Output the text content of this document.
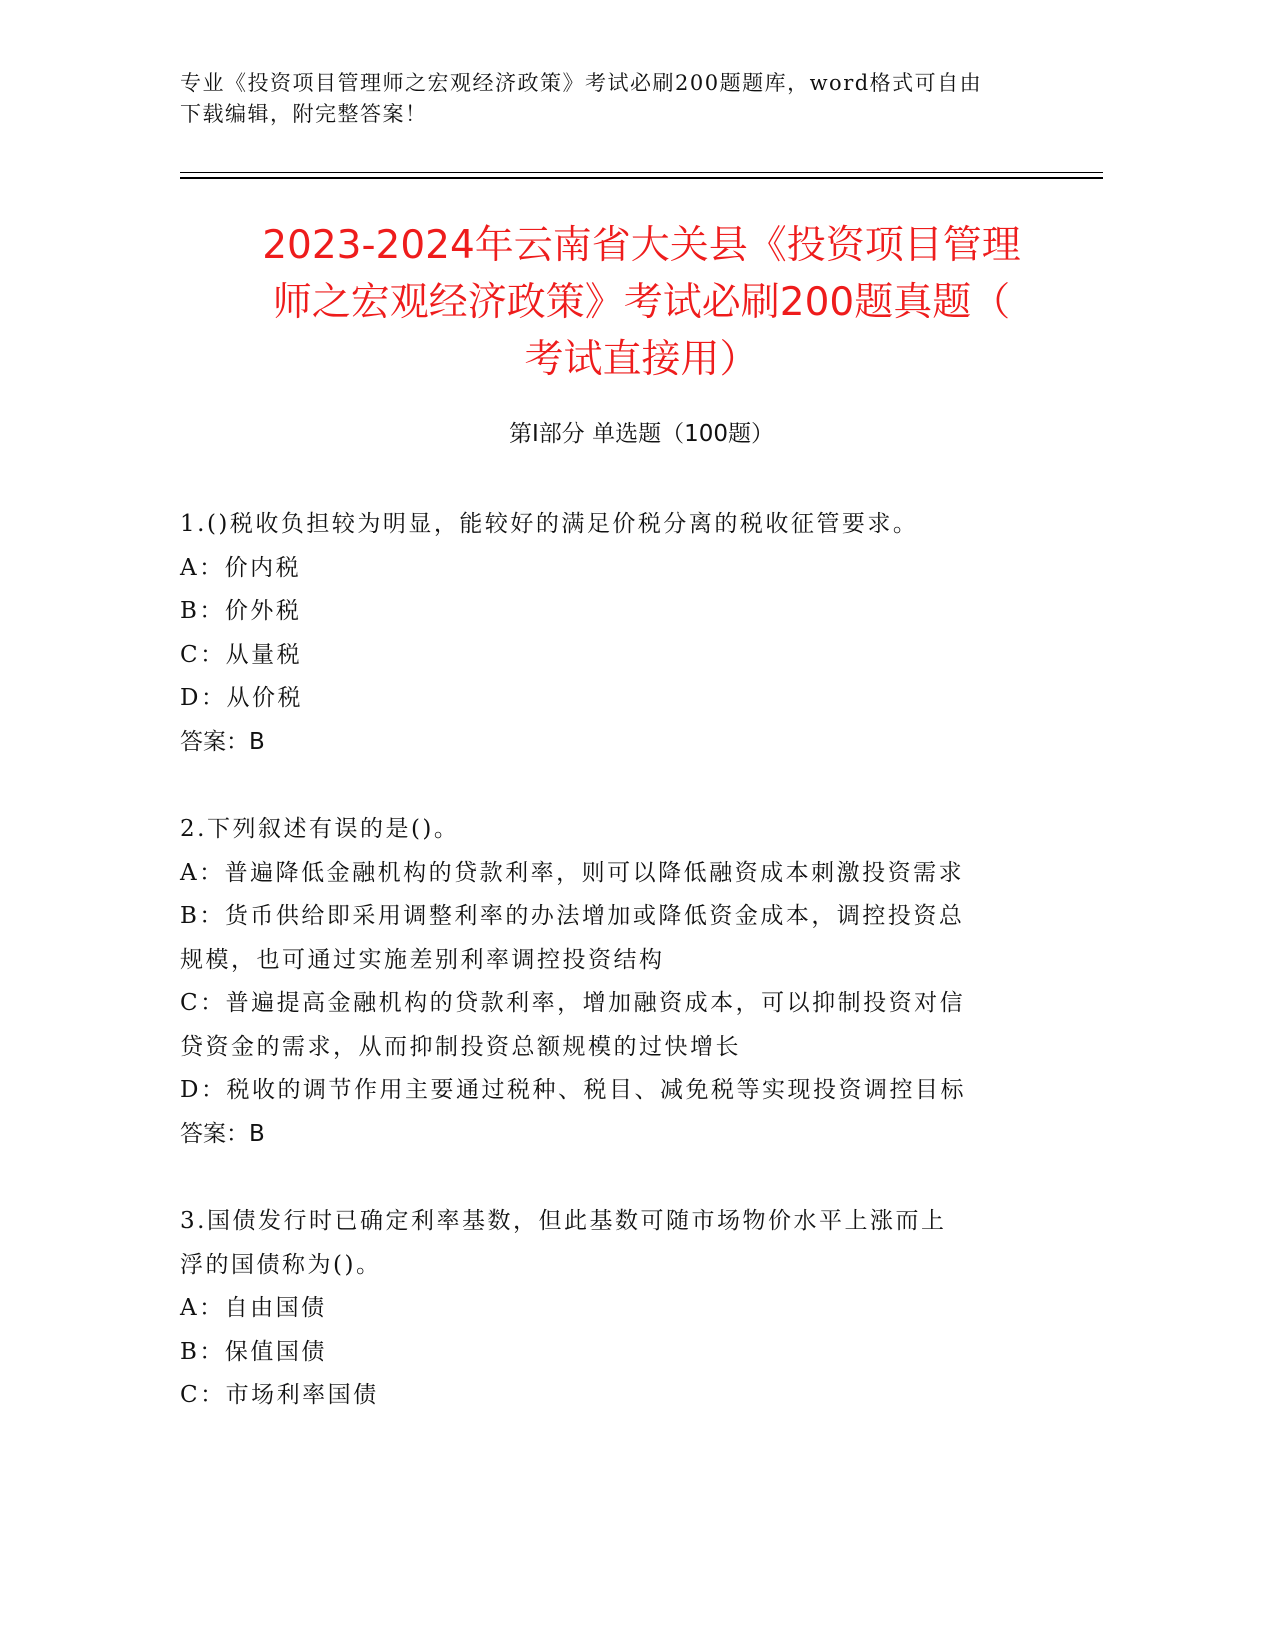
专业《投资项目管理师之宏观经济政策》考试必刷200题题库，word格式可自由
下载编辑，附完整答案！
2023-2024年云南省大关县《投资项目管理
师之宏观经济政策》考试必刷200题真题（
考试直接用）
第I部分 单选题（100题）
1.()税收负担较为明显，能较好的满足价税分离的税收征管要求。
A：价内税
B：价外税
C：从量税
D：从价税
答案：B
2.下列叙述有误的是()。
A：普遍降低金融机构的贷款利率，则可以降低融资成本刺激投资需求
B：货币供给即采用调整利率的办法增加或降低资金成本，调控投资总
规模，也可通过实施差别利率调控投资结构
C：普遍提高金融机构的贷款利率，增加融资成本，可以抑制投资对信
贷资金的需求，从而抑制投资总额规模的过快增长
D：税收的调节作用主要通过税种、税目、减免税等实现投资调控目标
答案：B
3.国债发行时已确定利率基数，但此基数可随市场物价水平上涨而上
浮的国债称为()。
A：自由国债
B：保值国债
C：市场利率国债
